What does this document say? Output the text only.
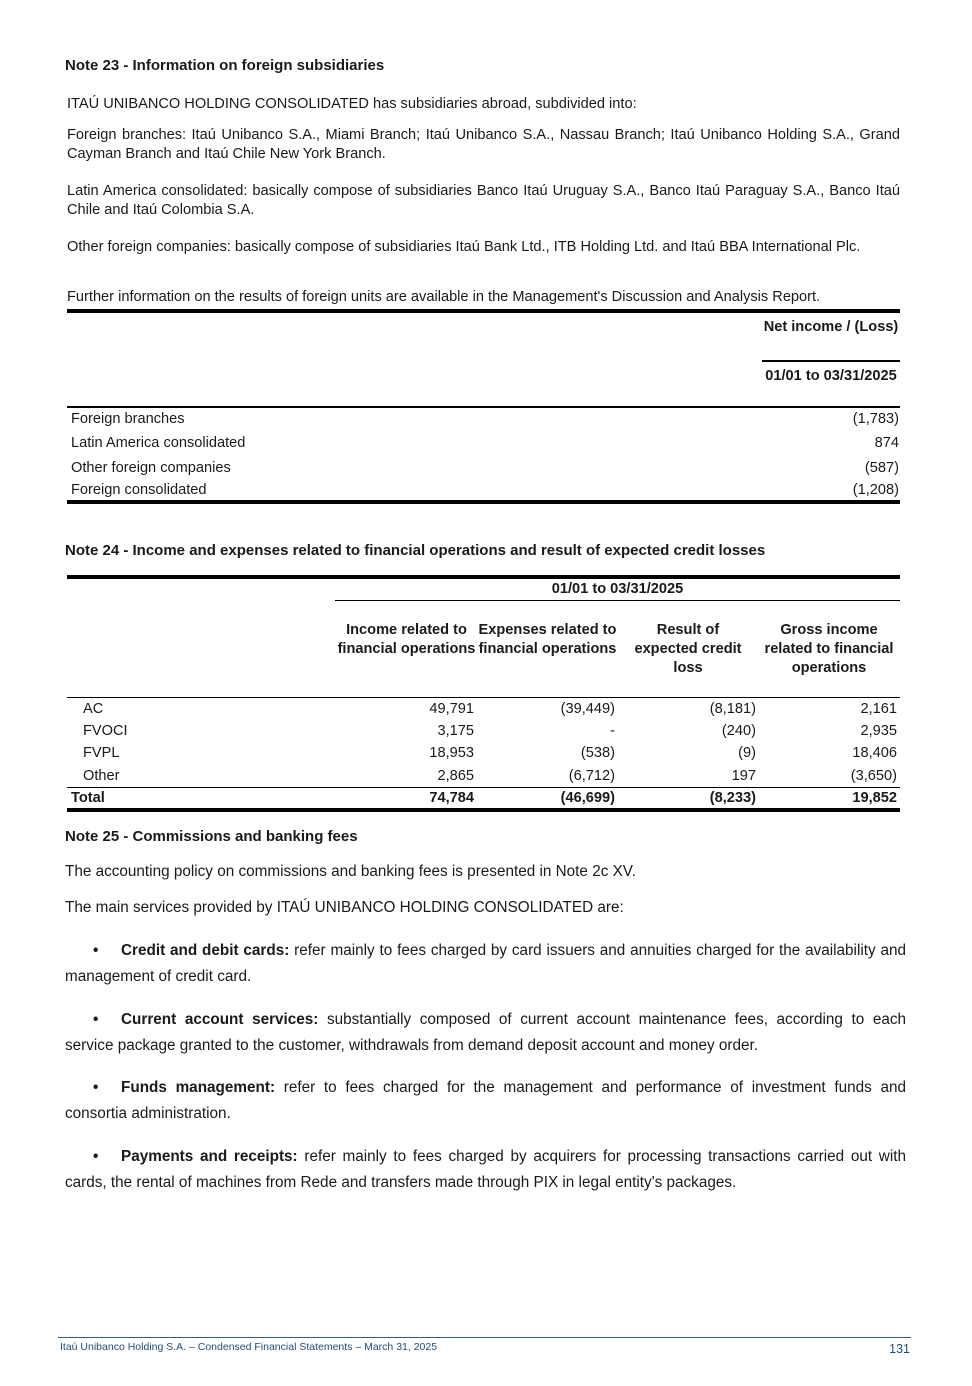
Note 23 - Information on foreign subsidiaries
ITAÚ UNIBANCO HOLDING CONSOLIDATED has subsidiaries abroad, subdivided into:
Foreign branches: Itaú Unibanco S.A., Miami Branch; Itaú Unibanco S.A., Nassau Branch; Itaú Unibanco Holding S.A., Grand Cayman Branch and Itaú Chile New York Branch.
Latin America consolidated: basically compose of subsidiaries Banco Itaú Uruguay S.A., Banco Itaú Paraguay S.A., Banco Itaú Chile and Itaú Colombia S.A.
Other foreign companies: basically compose of subsidiaries Itaú Bank Ltd., ITB Holding Ltd. and Itaú BBA International Plc.
Further information on the results of foreign units are available in the Management's Discussion and Analysis Report.
Net income / (Loss)
01/01 to 03/31/2025
Foreign branches	(1,783)
Latin America consolidated	874
Other foreign companies	(587)
Foreign consolidated	(1,208)
Note 24 - Income and expenses related to financial operations and result of expected credit losses
01/01 to 03/31/2025
Income related to financial operations
Expenses related to financial operations
Result of expected credit loss
Gross income related to financial operations
AC	49,791	(39,449)	(8,181)	2,161
FVOCI	3,175	-	(240)	2,935
FVPL	18,953	(538)	(9)	18,406
Other	2,865	(6,712)	197	(3,650)
Total	74,784	(46,699)	(8,233)	19,852
Note 25 - Commissions and banking fees
The accounting policy on commissions and banking fees is presented in Note 2c XV.
The main services provided by ITAÚ UNIBANCO HOLDING CONSOLIDATED are:
• Credit and debit cards: refer mainly to fees charged by card issuers and annuities charged for the availability and management of credit card.
• Current account services: substantially composed of current account maintenance fees, according to each service package granted to the customer, withdrawals from demand deposit account and money order.
• Funds management: refer to fees charged for the management and performance of investment funds and consortia administration.
• Payments and receipts: refer mainly to fees charged by acquirers for processing transactions carried out with cards, the rental of machines from Rede and transfers made through PIX in legal entity's packages.
Itaú Unibanco Holding S.A. – Condensed Financial Statements – March 31, 2025	131
